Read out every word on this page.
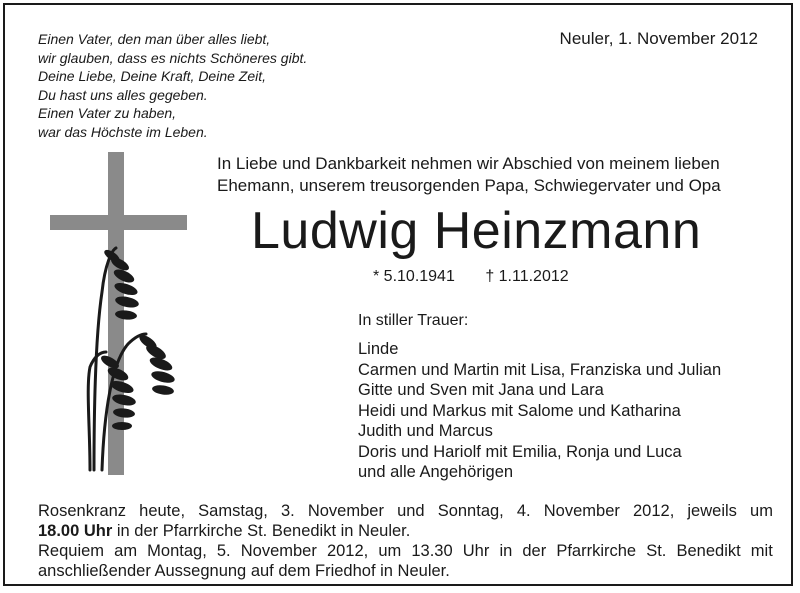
Einen Vater, den man über alles liebt,
wir glauben, dass es nichts Schöneres gibt.
Deine Liebe, Deine Kraft, Deine Zeit,
Du hast uns alles gegeben.
Einen Vater zu haben,
war das Höchste im Leben.
Neuler, 1. November 2012
In Liebe und Dankbarkeit nehmen wir Abschied von meinem lieben
Ehemann, unserem treusorgenden Papa, Schwiegervater und Opa
Ludwig Heinzmann
* 5.10.1941 † 1.11.2012
In stiller Trauer:
Linde
Carmen und Martin mit Lisa, Franziska und Julian
Gitte und Sven mit Jana und Lara
Heidi und Markus mit Salome und Katharina
Judith und Marcus
Doris und Hariolf mit Emilia, Ronja und Luca
und alle Angehörigen
Rosenkranz heute, Samstag, 3. November und Sonntag, 4. November 2012, jeweils um
18.00 Uhr in der Pfarrkirche St. Benedikt in Neuler.
Requiem am Montag, 5. November 2012, um 13.30 Uhr in der Pfarrkirche St. Benedikt mit
anschließender Aussegnung auf dem Friedhof in Neuler.
